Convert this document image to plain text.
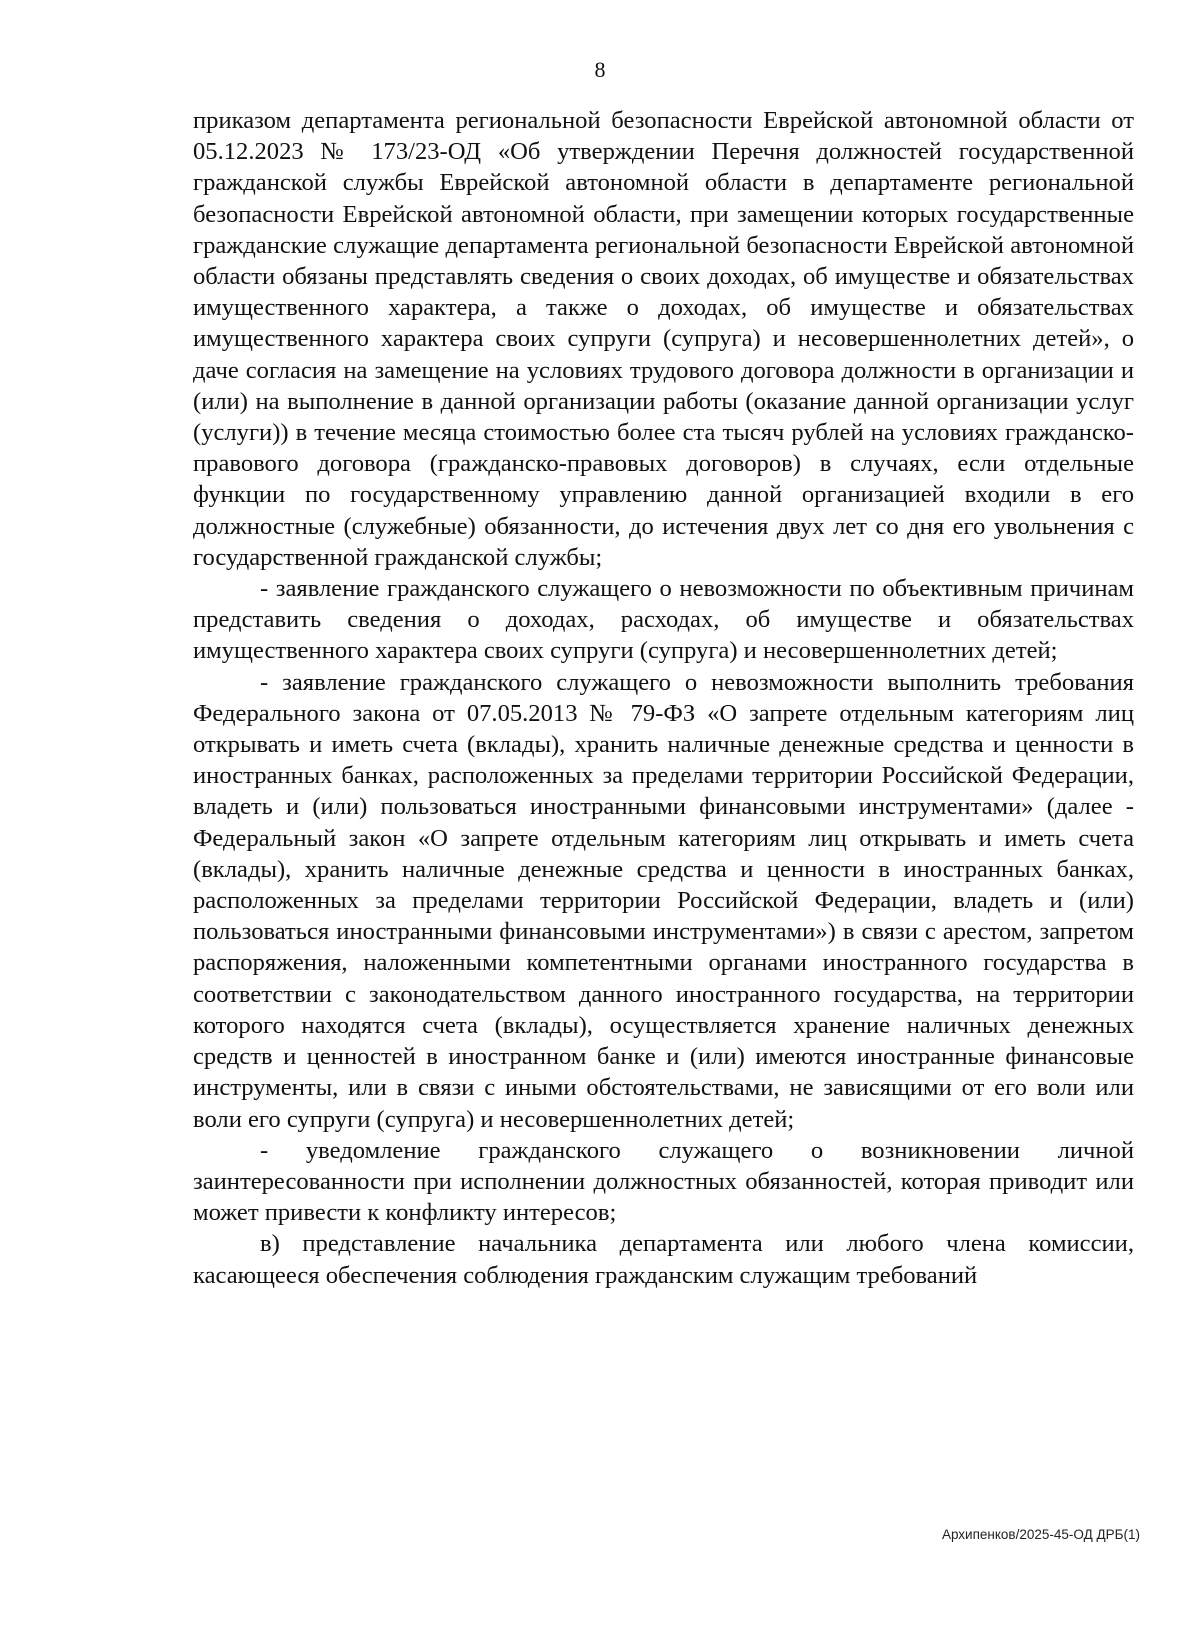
8

приказом департамента региональной безопасности Еврейской автономной области от 05.12.2023 № 173/23-ОД «Об утверждении Перечня должностей государственной гражданской службы Еврейской автономной области в департаменте региональной безопасности Еврейской автономной области, при замещении которых государственные гражданские служащие департамента региональной безопасности Еврейской автономной области обязаны представлять сведения о своих доходах, об имуществе и обязательствах имущественного характера, а также о доходах, об имуществе и обязательствах имущественного характера своих супруги (супруга) и несовершеннолетних детей», о даче согласия на замещение на условиях трудового договора должности в организации и (или) на выполнение в данной организации работы (оказание данной организации услуг (услуги)) в течение месяца стоимостью более ста тысяч рублей на условиях гражданско-правового договора (гражданско-правовых договоров) в случаях, если отдельные функции по государственному управлению данной организацией входили в его должностные (служебные) обязанности, до истечения двух лет со дня его увольнения с государственной гражданской службы;

- заявление гражданского служащего о невозможности по объективным причинам представить сведения о доходах, расходах, об имуществе и обязательствах имущественного характера своих супруги (супруга) и несовершеннолетних детей;

- заявление гражданского служащего о невозможности выполнить требования Федерального закона от 07.05.2013 № 79-ФЗ «О запрете отдельным категориям лиц открывать и иметь счета (вклады), хранить наличные денежные средства и ценности в иностранных банках, расположенных за пределами территории Российской Федерации, владеть и (или) пользоваться иностранными финансовыми инструментами» (далее - Федеральный закон «О запрете отдельным категориям лиц открывать и иметь счета (вклады), хранить наличные денежные средства и ценности в иностранных банках, расположенных за пределами территории Российской Федерации, владеть и (или) пользоваться иностранными финансовыми инструментами») в связи с арестом, запретом распоряжения, наложенными компетентными органами иностранного государства в соответствии с законодательством данного иностранного государства, на территории которого находятся счета (вклады), осуществляется хранение наличных денежных средств и ценностей в иностранном банке и (или) имеются иностранные финансовые инструменты, или в связи с иными обстоятельствами, не зависящими от его воли или воли его супруги (супруга) и несовершеннолетних детей;

- уведомление гражданского служащего о возникновении личной заинтересованности при исполнении должностных обязанностей, которая приводит или может привести к конфликту интересов;

в) представление начальника департамента или любого члена комиссии, касающееся обеспечения соблюдения гражданским служащим требований

Архипенков/2025-45-ОД ДРБ(1)
